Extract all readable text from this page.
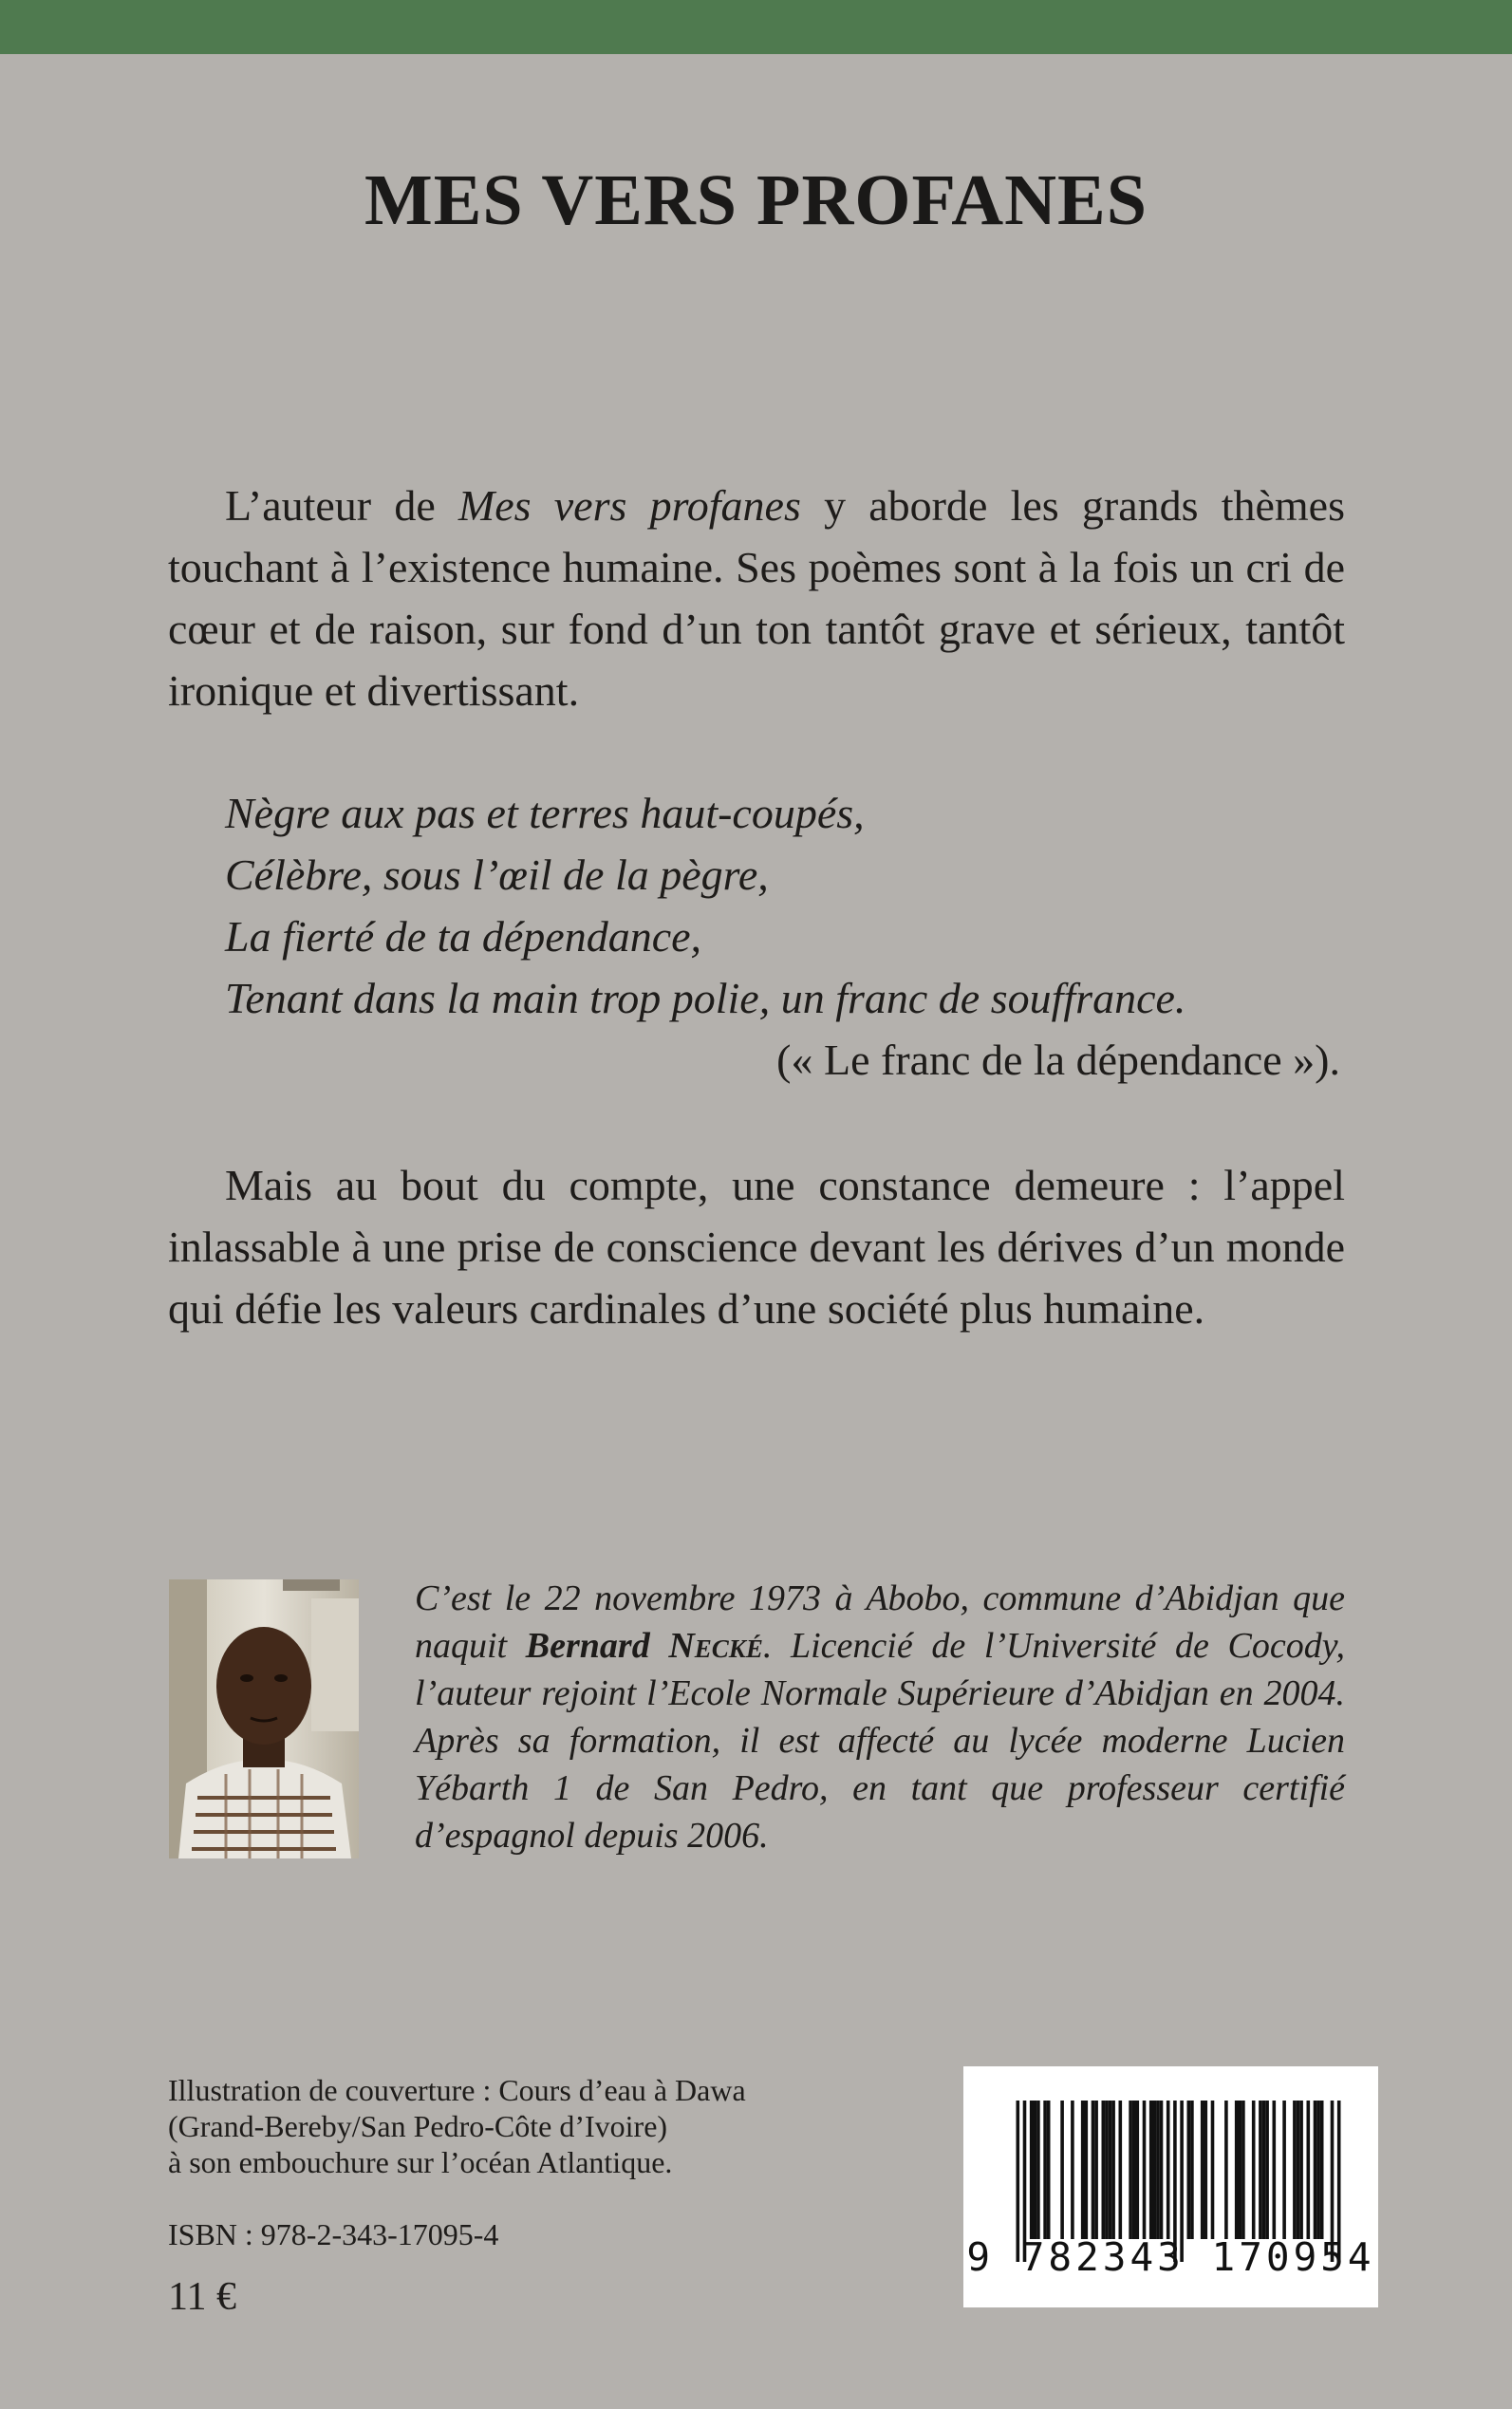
MES VERS PROFANES

L’auteur de Mes vers profanes y aborde les grands thèmes touchant à l’existence humaine. Ses poèmes sont à la fois un cri de cœur et de raison, sur fond d’un ton tantôt grave et sérieux, tantôt ironique et divertissant.

Nègre aux pas et terres haut-coupés,
Célèbre, sous l’œil de la pègre,
La fierté de ta dépendance,
Tenant dans la main trop polie, un franc de souffrance.
(« Le franc de la dépendance »).

Mais au bout du compte, une constance demeure : l’appel inlassable à une prise de conscience devant les dérives d’un monde qui défie les valeurs cardinales d’une société plus humaine.

C’est le 22 novembre 1973 à Abobo, commune d’Abidjan que naquit Bernard Necké. Licencié de l’Université de Cocody, l’auteur rejoint l’Ecole Normale Supérieure d’Abidjan en 2004. Après sa formation, il est affecté au lycée moderne Lucien Yébarth 1 de San Pedro, en tant que professeur certifié d’espagnol depuis 2006.

Illustration de couverture : Cours d’eau à Dawa
(Grand-Bereby/San Pedro-Côte d’Ivoire)
à son embouchure sur l’océan Atlantique.
ISBN : 978-2-343-17095-4
11 €
9 782343 170954
